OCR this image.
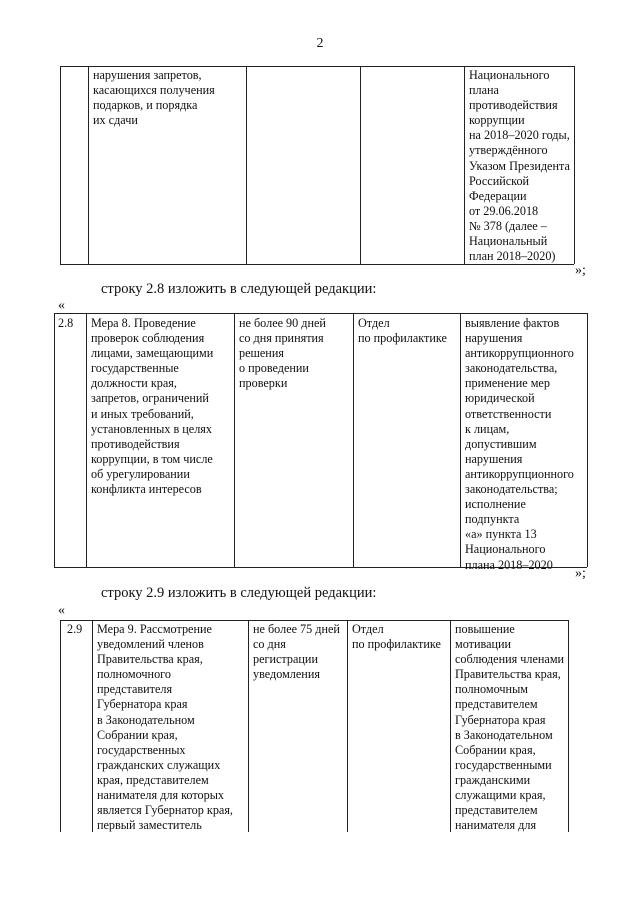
2
нарушения запретов,
касающихся получения
подарков, и порядка
их сдачи
Национального
плана
противодействия
коррупции
на 2018–2020 годы,
утверждённого
Указом Президента
Российской
Федерации
от 29.06.2018
№ 378 (далее –
Национальный
план 2018–2020)
»;
строку 2.8 изложить в следующей редакции:
«
2.8	Мера 8. Проведение
проверок соблюдения
лицами, замещающими
государственные
должности края,
запретов, ограничений
и иных требований,
установленных в целях
противодействия
коррупции, в том числе
об урегулировании
конфликта интересов
не более 90 дней
со дня принятия
решения
о проведении
проверки
Отдел
по профилактике
выявление фактов
нарушения
антикоррупционного
законодательства,
применение мер
юридической
ответственности
к лицам,
допустившим
нарушения
антикоррупционного
законодательства;
исполнение
подпункта
«а» пункта 13
Национального
плана 2018–2020
»;
строку 2.9 изложить в следующей редакции:
«
2.9	Мера 9. Рассмотрение
уведомлений членов
Правительства края,
полномочного
представителя
Губернатора края
в Законодательном
Собрании края,
государственных
гражданских служащих
края, представителем
нанимателя для которых
является Губернатор края,
первый заместитель
не более 75 дней
со дня
регистрации
уведомления
Отдел
по профилактике
повышение
мотивации
соблюдения членами
Правительства края,
полномочным
представителем
Губернатора края
в Законодательном
Собрании края,
государственными
гражданскими
служащими края,
представителем
нанимателя для
